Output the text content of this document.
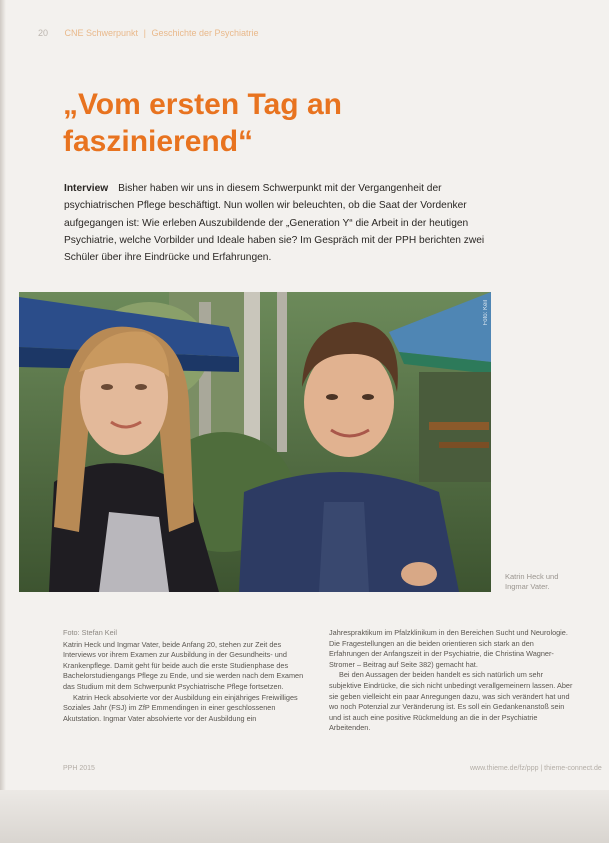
20 CNE Schwerpunkt | Geschichte der Psychiatrie
„Vom ersten Tag an faszinierend“
Interview Bisher haben wir uns in diesem Schwerpunkt mit der Vergangenheit der psychiatrischen Pflege beschäftigt. Nun wollen wir beleuchten, ob die Saat der Vordenker aufgegangen ist: Wie erleben Auszubildende der „Generation Y“ die Arbeit in der heutigen Psychiatrie, welche Vorbilder und Ideale haben sie? Im Gespräch mit der PPH berichten zwei Schüler über ihre Eindrücke und Erfahrungen.
Foto: Keil
Katrin Heck und Ingmar Vater.
Foto: Stefan Keil

Katrin Heck und Ingmar Vater, beide Anfang 20, stehen zur Zeit des Interviews vor ihrem Examen zur Ausbildung in der Gesundheits- und Krankenpflege. Damit geht für beide auch die erste Studienphase des Bachelorstudiengangs Pflege zu Ende, und sie werden nach dem Examen das Studium mit dem Schwerpunkt Psychiatrische Pflege fortsetzen.

Katrin Heck absolvierte vor der Ausbildung ein einjähriges Freiwilliges Soziales Jahr (FSJ) im ZfP Emmendingen in einer geschlossenen Akutstation. Ingmar Vater absolvierte vor der Ausbildung ein

Jahrespraktikum im Pfalzklinikum in den Bereichen Sucht und Neurologie. Die Fragestellungen an die beiden orientieren sich stark an den Erfahrungen der Anfangszeit in der Psychiatrie, die Christina Wagner-Stromer – Beitrag auf Seite 382) gemacht hat.

Bei den Aussagen der beiden handelt es sich natürlich um sehr subjektive Eindrücke, die sich nicht unbedingt verallgemeinern lassen. Aber sie geben vielleicht ein paar Anregungen dazu, was sich verändert hat und wo noch Potenzial zur Veränderung ist. Es soll ein Gedankenanstoß sein und ist auch eine positive Rückmeldung an die in der Psychiatrie Arbeitenden.

PPH 2015	www.thieme.de/fz/ppp | thieme-connect.de
